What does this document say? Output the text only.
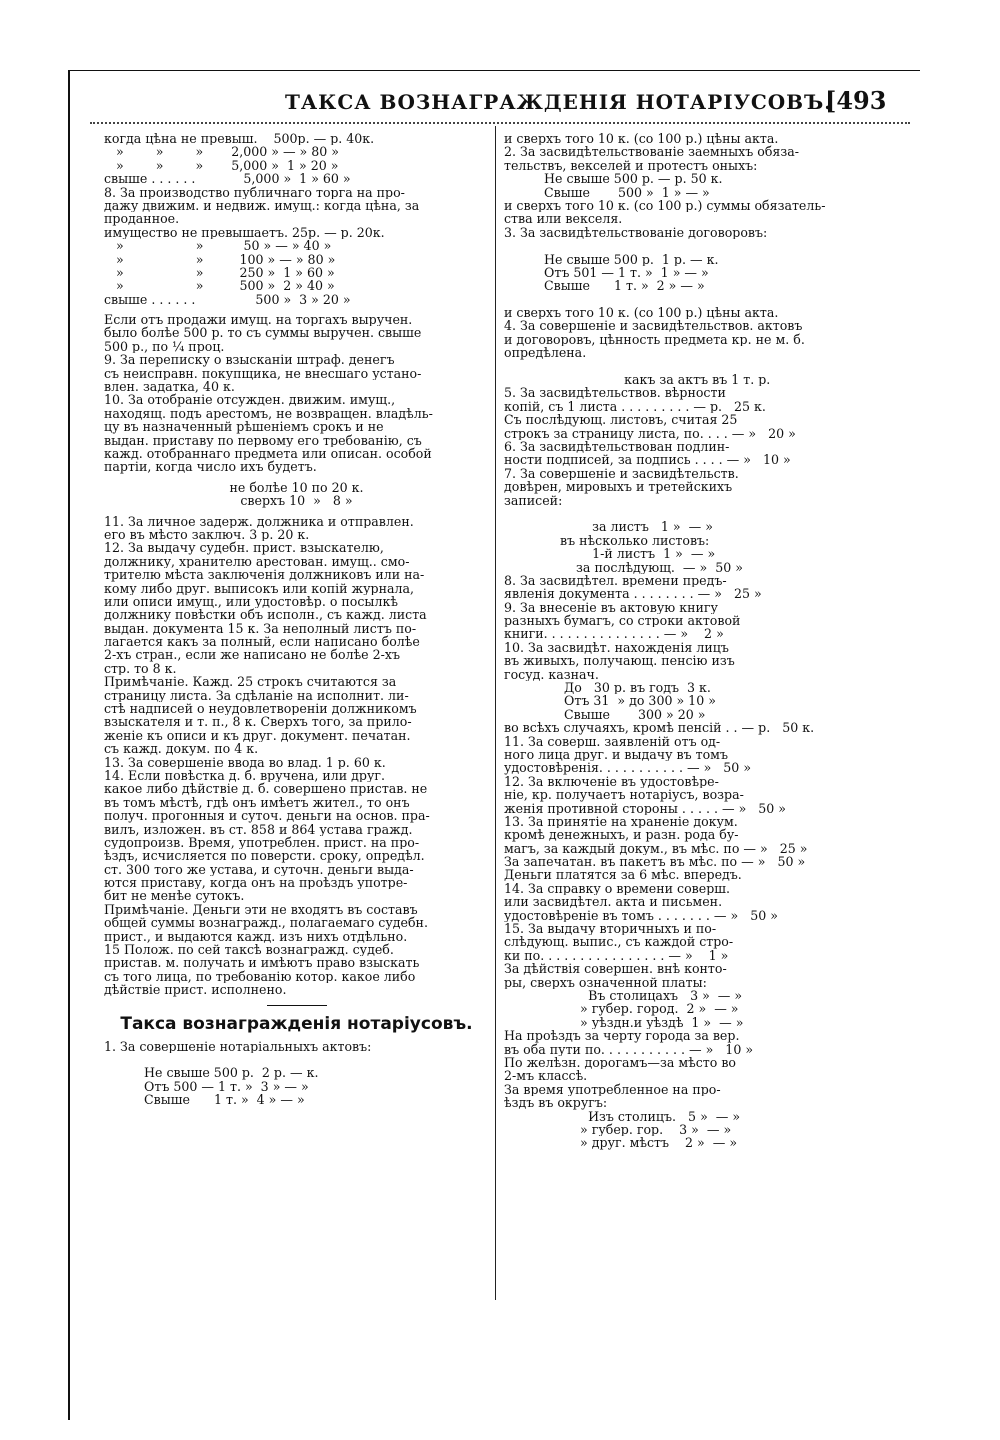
ТАКСА ВОЗНАГРАЖДЕНІЯ НОТАРІУСОВЪ.
[493
когда цѣна не превыш.    500р. — р. 40к.
»        »        »       2,000 » — » 80 »
»        »        »       5,000 »  1 » 20 »
свыше . . . . . .            5,000 »  1 » 60 »
8. За производство публичнаго торга на про-
дажу движим. и недвиж. имущ.: когда цѣна, за
проданное.
имущество не превышаетъ. 25р. — р. 20к.
»                  »          50 » — » 40 »
»                  »         100 » — » 80 »
»                  »         250 »  1 » 60 »
»                  »         500 »  2 » 40 »
свыше . . . . . .               500 »  3 » 20 »
Если отъ продажи имущ. на торгахъ выручен.
было болѣе 500 р. то съ суммы выручен. свыше
500 р., по ¼ проц.
9. За переписку о взысканіи штраф. денегъ
съ неисправн. покупщика, не внесшаго устано-
влен. задатка, 40 к.
10. За отобраніе отсужден. движим. имущ.,
находящ. подъ арестомъ, не возвращен. владѣль-
цу въ назначенный рѣшеніемъ срокъ и не
выдан. приставу по первому его требованію, съ
кажд. отобраннаго предмета или описан. особой
партіи, когда число ихъ будетъ.
не болѣе 10 по 20 к.
сверхъ 10  »   8 »
11. За личное задерж. должника и отправлен.
его въ мѣсто заключ. 3 р. 20 к.
12. За выдачу судебн. прист. взыскателю,
должнику, хранителю арестован. имущ.. смо-
трителю мѣста заключенія должниковъ или на-
кому либо друг. выписокъ или копій журнала,
или описи имущ., или удостовѣр. о посылкѣ
должнику повѣстки объ исполн., съ кажд. листа
выдан. документа 15 к. За неполный листъ по-
лагается какъ за полный, если написано болѣе
2-хъ стран., если же написано не болѣе 2-хъ
стр. то 8 к.
Примѣчаніе. Кажд. 25 строкъ считаются за
страницу листа. За сдѣланіе на исполнит. ли-
стѣ надписей о неудовлетвореніи должникомъ
взыскателя и т. п., 8 к. Сверхъ того, за прило-
женіе къ описи и къ друг. документ. печатан.
съ кажд. докум. по 4 к.
13. За совершеніе ввода во влад. 1 р. 60 к.
14. Если повѣстка д. б. вручена, или друг.
какое либо дѣйствіе д. б. совершено пристав. не
въ томъ мѣстѣ, гдѣ онъ имѣетъ жител., то онъ
получ. прогонныя и суточ. деньги на основ. пра-
вилъ, изложен. въ ст. 858 и 864 устава гражд.
судопроизв. Время, употреблен. прист. на про-
ѣздъ, исчисляется по поверсти. сроку, опредѣл.
ст. 300 того же устава, и суточн. деньги выда-
ются приставу, когда онъ на проѣздъ употре-
бит не менѣе сутокъ.
Примѣчаніе. Деньги эти не входятъ въ составъ
общей суммы вознагражд., полагаемаго судебн.
прист., и выдаются кажд. изъ нихъ отдѣльно.
15 Полож. по сей таксѣ вознагражд. судеб.
пристав. м. получать и имѣютъ право взыскать
съ того лица, по требованію котор. какое либо
дѣйствіе прист. исполнено.
Такса вознагражденія нотаріусовъ.
1. За совершеніе нотаріальныхъ актовъ:
Не свыше 500 р.  2 р. — к.
Отъ 500 — 1 т. »  3 » — »
Свыше      1 т. »  4 » — »
и сверхъ того 10 к. (со 100 р.) цѣны акта.
2. За засвидѣтельствованіе заемныхъ обяза-
тельствъ, векселей и протестъ оныхъ:
Не свыше 500 р. — р. 50 к.
Свыше       500 »  1 » — »
и сверхъ того 10 к. (со 100 р.) суммы обязатель-
ства или векселя.
3. За засвидѣтельствованіе договоровъ:
Не свыше 500 р.  1 р. — к.
Отъ 501 — 1 т. »  1 » — »
Свыше      1 т. »  2 » — »
и сверхъ того 10 к. (со 100 р.) цѣны акта.
4. За совершеніе и засвидѣтельствов. актовъ
и договоровъ, цѣнность предмета кр. не м. б.
опредѣлена.
какъ за актъ въ 1 т. р.
5. За засвидѣтельствов. вѣрности
копій, съ 1 листа . . . . . . . . . — р.   25 к.
Съ послѣдующ. листовъ, считая 25
строкъ за страницу листа, по. . . . — »   20 »
6. За засвидѣтельствован подлин-
ности подписей, за подпись . . . . — »   10 »
7. За совершеніе и засвидѣтельств.
довѣрен, мировыхъ и третейскихъ
записей:
за листъ   1 »  — »
въ нѣсколько листовъ:
1-й листъ  1 »  — »
за послѣдующ.  — »  50 »
8. За засвидѣтел. времени предъ-
явленія документа . . . . . . . . — »   25 »
9. За внесеніе въ актовую книгу
разныхъ бумагъ, со строки актовой
книги. . . . . . . . . . . . . . . — »    2 »
10. За засвидѣт. нахожденія лицъ
въ живыхъ, получающ. пенсію изъ
госуд. казнач.
До   30 р. въ годъ  3 к.
Отъ 31  » до 300 » 10 »
Свыше       300 » 20 »
во всѣхъ случаяхъ, кромѣ пенсій . . — р.   50 к.
11. За соверш. заявленій отъ од-
ного лица друг. и выдачу въ томъ
удостовѣренія. . . . . . . . . . . — »   50 »
12. За включеніе въ удостовѣре-
ніе, кр. получаетъ нотаріусъ, возра-
женія противной стороны . . . . . — »   50 »
13. За принятіе на храненіе докум.
кромѣ денежныхъ, и разн. рода бу-
магъ, за каждый докум., въ мѣс. по — »   25 »
За запечатан. въ пакетъ въ мѣс. по — »   50 »
Деньги платятся за 6 мѣс. впередъ.
14. За справку о времени соверш.
или засвидѣтел. акта и письмен.
удостовѣреніе въ томъ . . . . . . . — »   50 »
15. За выдачу вторичныхъ и по-
слѣдующ. выпис., съ каждой стро-
ки по. . . . . . . . . . . . . . . . — »    1 »
За дѣйствія совершен. внѣ конто-
ры, сверхъ означенной платы:
Въ столицахъ   3 »  — »
» губер. город.  2 »  — »
» уѣздн.и уѣздѣ  1 »  — »
На проѣздъ за черту города за вер.
въ оба пути по. . . . . . . . . . . — »   10 »
По желѣзн. дорогамъ—за мѣсто во
2-мъ классѣ.
За время употребленное на про-
ѣздъ въ округъ:
Изъ столицъ.   5 »  — »
» губер. гор.    3 »  — »
» друг. мѣстъ    2 »  — »
